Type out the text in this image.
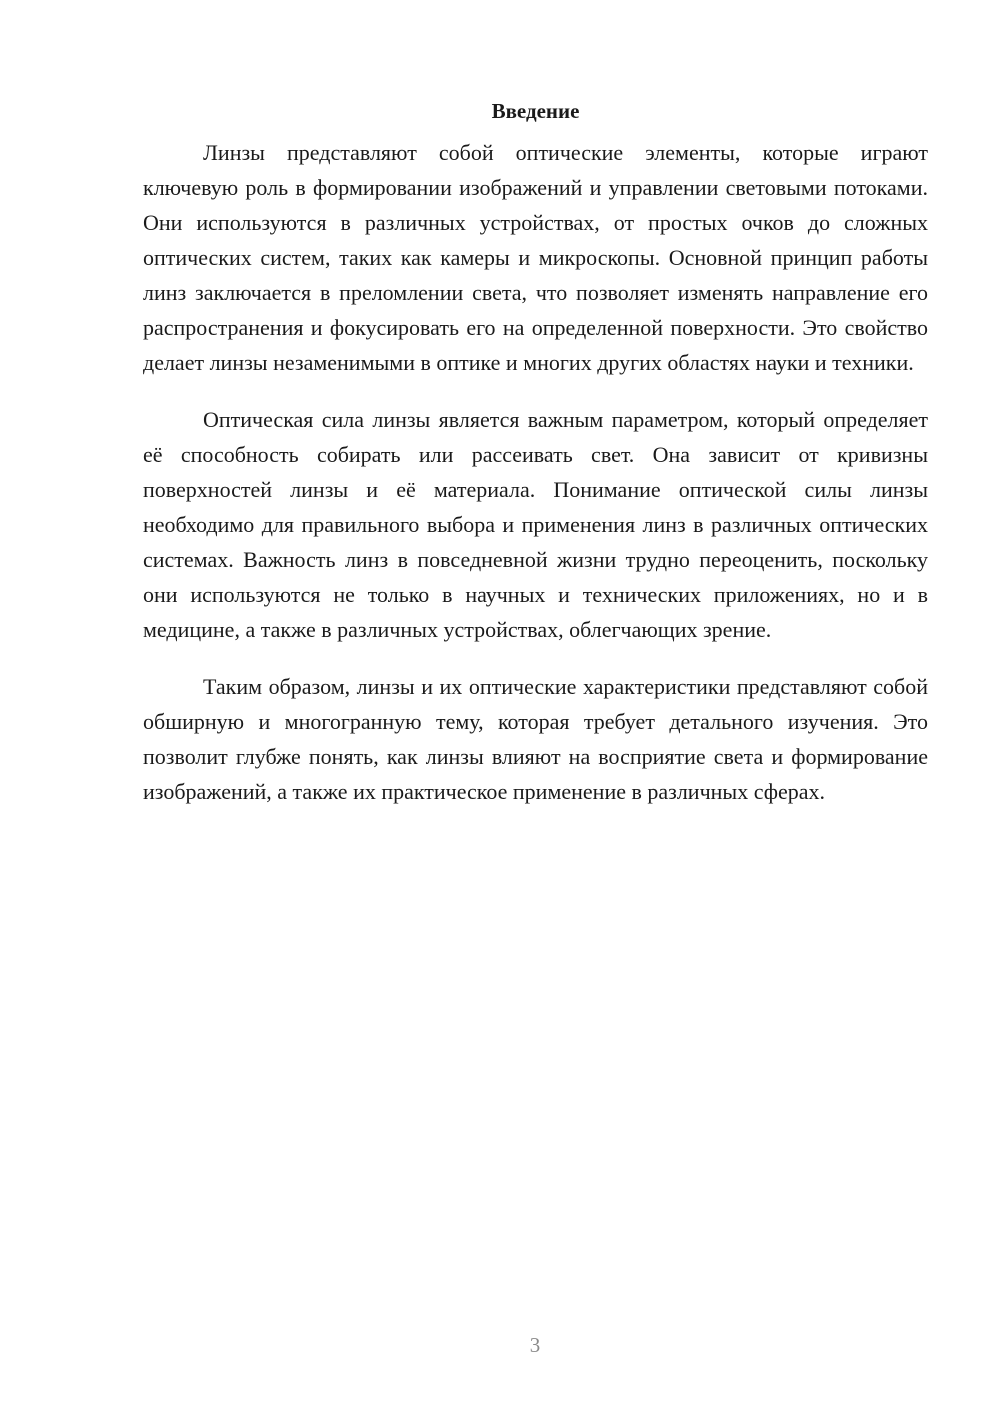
Введение

Линзы представляют собой оптические элементы, которые играют ключевую роль в формировании изображений и управлении световыми потоками. Они используются в различных устройствах, от простых очков до сложных оптических систем, таких как камеры и микроскопы. Основной принцип работы линз заключается в преломлении света, что позволяет изменять направление его распространения и фокусировать его на определенной поверхности. Это свойство делает линзы незаменимыми в оптике и многих других областях науки и техники.

Оптическая сила линзы является важным параметром, который определяет её способность собирать или рассеивать свет. Она зависит от кривизны поверхностей линзы и её материала. Понимание оптической силы линзы необходимо для правильного выбора и применения линз в различных оптических системах. Важность линз в повседневной жизни трудно переоценить, поскольку они используются не только в научных и технических приложениях, но и в медицине, а также в различных устройствах, облегчающих зрение.

Таким образом, линзы и их оптические характеристики представляют собой обширную и многогранную тему, которая требует детального изучения. Это позволит глубже понять, как линзы влияют на восприятие света и формирование изображений, а также их практическое применение в различных сферах.

3
